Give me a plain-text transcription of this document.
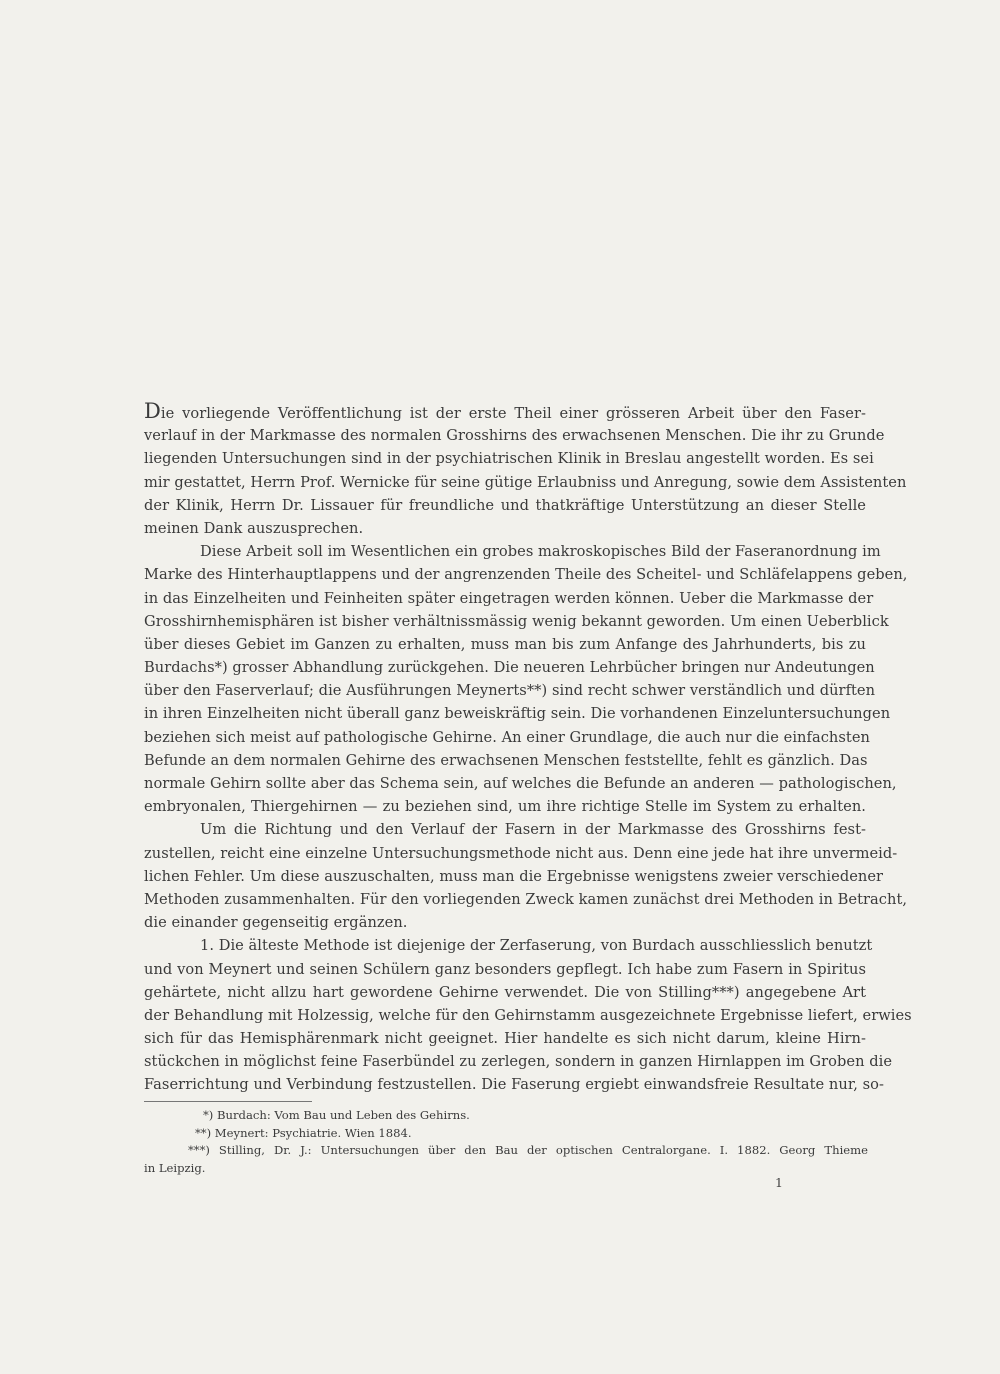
Die vorliegende Veröffentlichung ist der erste Theil einer grösseren Arbeit über den Faser-
verlauf in der Markmasse des normalen Grosshirns des erwachsenen Menschen. Die ihr zu Grunde
liegenden Untersuchungen sind in der psychiatrischen Klinik in Breslau angestellt worden. Es sei
mir gestattet, Herrn Prof. Wernicke für seine gütige Erlaubniss und Anregung, sowie dem Assistenten
der Klinik, Herrn Dr. Lissauer für freundliche und thatkräftige Unterstützung an dieser Stelle
meinen Dank auszusprechen.
Diese Arbeit soll im Wesentlichen ein grobes makroskopisches Bild der Faseranordnung im
Marke des Hinterhauptlappens und der angrenzenden Theile des Scheitel- und Schläfelappens geben,
in das Einzelheiten und Feinheiten später eingetragen werden können. Ueber die Markmasse der
Grosshirnhemisphären ist bisher verhältnissmässig wenig bekannt geworden. Um einen Ueberblick
über dieses Gebiet im Ganzen zu erhalten, muss man bis zum Anfange des Jahrhunderts, bis zu
Burdachs*) grosser Abhandlung zurückgehen. Die neueren Lehrbücher bringen nur Andeutungen
über den Faserverlauf; die Ausführungen Meynerts**) sind recht schwer verständlich und dürften
in ihren Einzelheiten nicht überall ganz beweiskräftig sein. Die vorhandenen Einzeluntersuchungen
beziehen sich meist auf pathologische Gehirne. An einer Grundlage, die auch nur die einfachsten
Befunde an dem normalen Gehirne des erwachsenen Menschen feststellte, fehlt es gänzlich. Das
normale Gehirn sollte aber das Schema sein, auf welches die Befunde an anderen — pathologischen,
embryonalen, Thiergehirnen — zu beziehen sind, um ihre richtige Stelle im System zu erhalten.
Um die Richtung und den Verlauf der Fasern in der Markmasse des Grosshirns fest-
zustellen, reicht eine einzelne Untersuchungsmethode nicht aus. Denn eine jede hat ihre unvermeid-
lichen Fehler. Um diese auszuschalten, muss man die Ergebnisse wenigstens zweier verschiedener
Methoden zusammenhalten. Für den vorliegenden Zweck kamen zunächst drei Methoden in Betracht,
die einander gegenseitig ergänzen.
1. Die älteste Methode ist diejenige der Zerfaserung, von Burdach ausschliesslich benutzt
und von Meynert und seinen Schülern ganz besonders gepflegt. Ich habe zum Fasern in Spiritus
gehärtete, nicht allzu hart gewordene Gehirne verwendet. Die von Stilling***) angegebene Art
der Behandlung mit Holzessig, welche für den Gehirnstamm ausgezeichnete Ergebnisse liefert, erwies
sich für das Hemisphärenmark nicht geeignet. Hier handelte es sich nicht darum, kleine Hirn-
stückchen in möglichst feine Faserbündel zu zerlegen, sondern in ganzen Hirnlappen im Groben die
Faserrichtung und Verbindung festzustellen. Die Faserung ergiebt einwandsfreie Resultate nur, so-
*) Burdach: Vom Bau und Leben des Gehirns.
**) Meynert: Psychiatrie. Wien 1884.
***) Stilling, Dr. J.: Untersuchungen über den Bau der optischen Centralorgane. I. 1882. Georg Thieme
in Leipzig.
1
